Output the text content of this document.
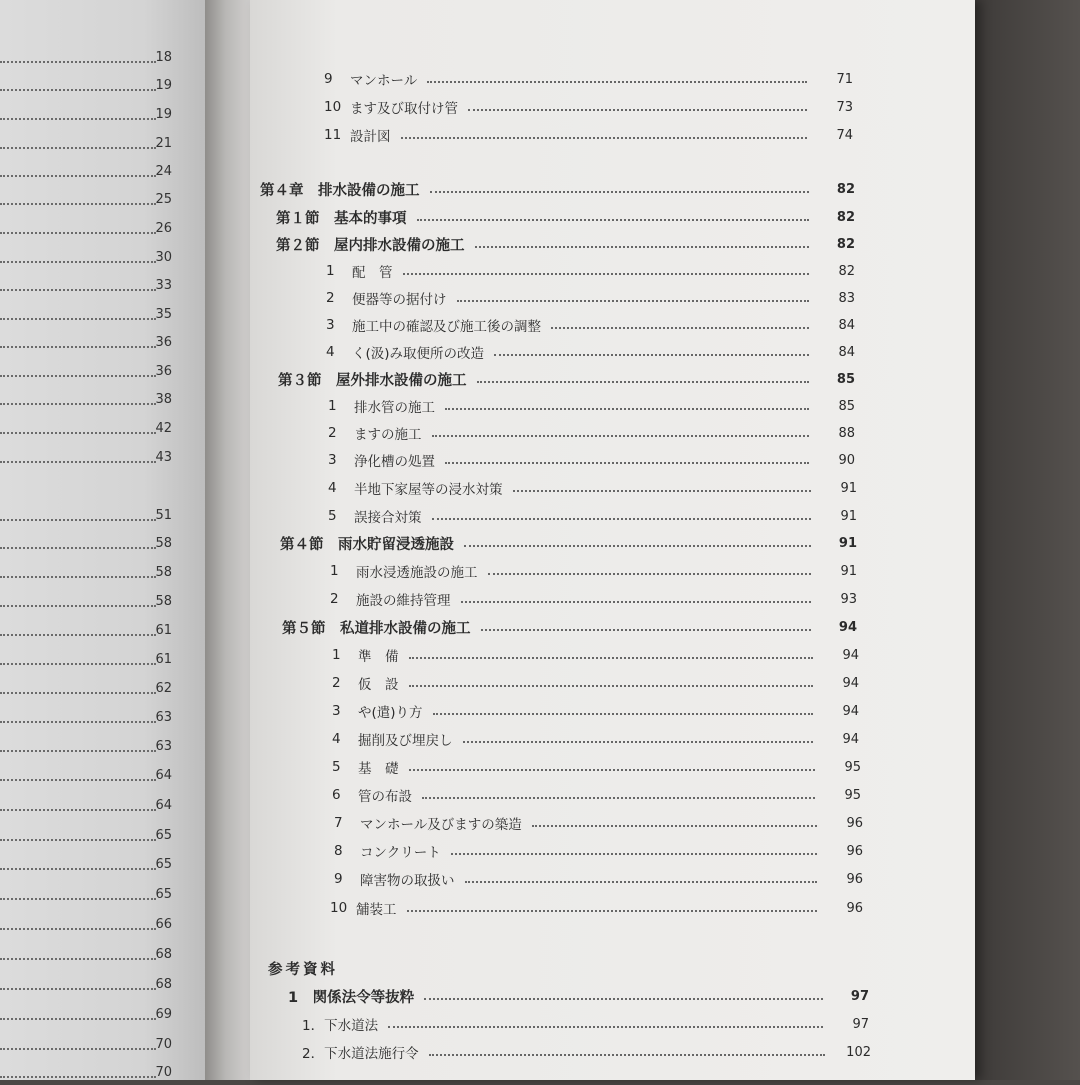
18
19
19
21
24
25
26
30
33
35
36
36
38
42
43
51
58
58
58
61
61
62
63
63
64
64
65
65
65
66
68
68
69
70
70
9	マンホール	71
10 ます及び取付け管	73
11 設計図	74
第４章　排水設備の施工	82
第１節　基本的事項	82
第２節　屋内排水設備の施工	82
1	配　管	82
2	便器等の据付け	83
3	施工中の確認及び施工後の調整	84
4	く(汲)み取便所の改造	84
第３節　屋外排水設備の施工	85
1	排水管の施工	85
2	ますの施工	88
3	浄化槽の処置	90
4	半地下家屋等の浸水対策	91
5	誤接合対策	91
第４節　雨水貯留浸透施設	91
1	雨水浸透施設の施工	91
2	施設の維持管理	93
第５節　私道排水設備の施工	94
1	準　備	94
2	仮　設	94
3	や(遣)り方	94
4	掘削及び埋戻し	94
5	基　礎	95
6	管の布設	95
7	マンホール及びますの築造	96
8	コンクリート	96
9	障害物の取扱い	96
10 舗装工	96
参考資料
1　関係法令等抜粋	97
1．下水道法	97
2．下水道法施行令	102
